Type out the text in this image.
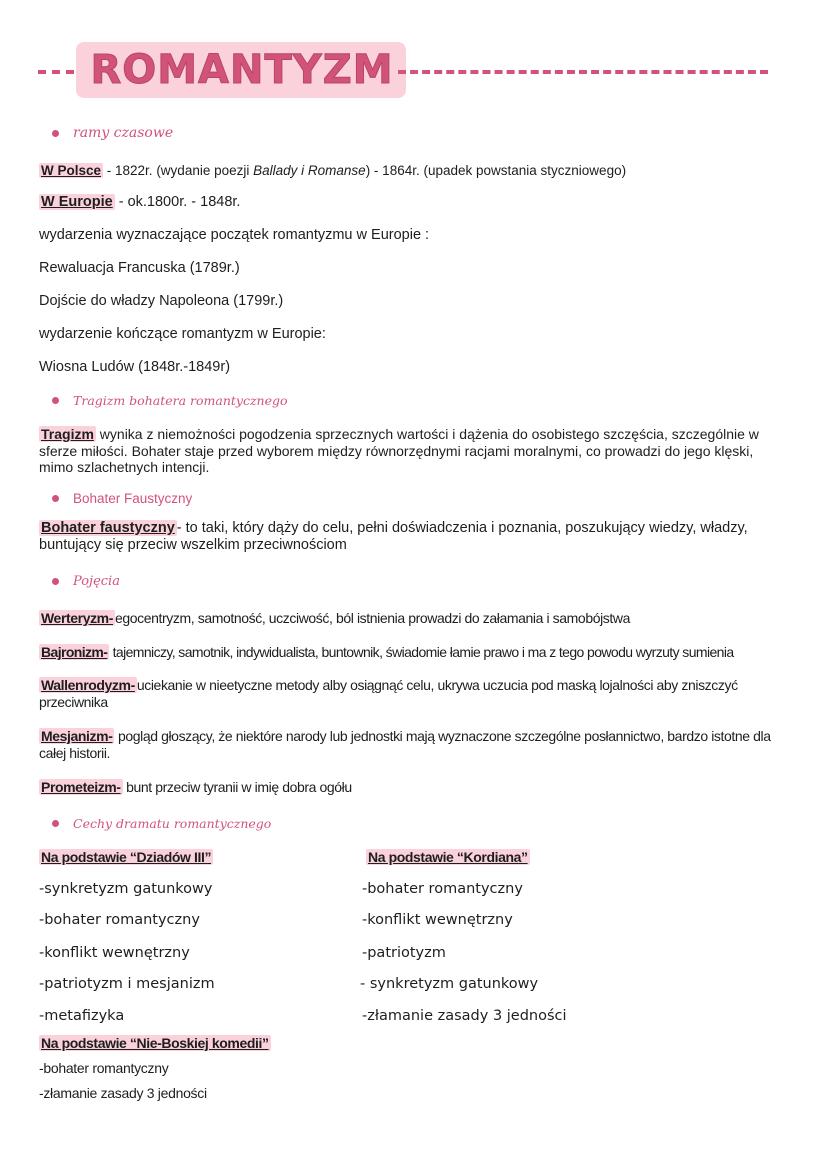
ROMANTYZM
ramy czasowe
W Polsce - 1822r. (wydanie poezji Ballady i Romanse) - 1864r. (upadek powstania styczniowego)
W Europie - ok.1800r. - 1848r.
wydarzenia wyznaczające początek romantyzmu w Europie :
Rewaluacja Francuska (1789r.)
Dojście do władzy Napoleona (1799r.)
wydarzenie kończące romantyzm w Europie:
Wiosna Ludów (1848r.-1849r)
Tragizm bohatera romantycznego
Tragizm wynika z niemożności pogodzenia sprzecznych wartości i dążenia do osobistego szczęścia, szczególnie w sferze miłości. Bohater staje przed wyborem między równorzędnymi racjami moralnymi, co prowadzi do jego klęski, mimo szlachetnych intencji.
Bohater Faustyczny
Bohater faustyczny - to taki, który dąży do celu, pełni doświadczenia i poznania, poszukujący wiedzy, władzy, buntujący się przeciw wszelkim przeciwnościom
Pojęcia
Werteryzm- egocentryzm, samotność, uczciwość, ból istnienia prowadzi do załamania i samobójstwa
Bajronizm- tajemniczy, samotnik, indywidualista, buntownik, świadomie łamie prawo i ma z tego powodu wyrzuty sumienia
Wallenrodyzm- uciekanie w nieetyczne metody alby osiągnąć celu, ukrywa uczucia pod maską lojalności aby zniszczyć przeciwnika
Mesjanizm- pogląd głoszący, że niektóre narody lub jednostki mają wyznaczone szczególne posłannictwo, bardzo istotne dla całej historii.
Prometeizm- bunt przeciw tyranii w imię dobra ogółu
Cechy dramatu romantycznego
Na podstawie “Dziadów III”	Na podstawie “Kordiana”
-synkretyzm gatunkowy
-bohater romantyczny
-konflikt wewnętrzny
-patriotyzm i mesjanizm
-metafizyka
-bohater romantyczny
-konflikt wewnętrzny
-patriotyzm
- synkretyzm gatunkowy
-złamanie zasady 3 jedności
Na podstawie “Nie-Boskiej komedii”
-bohater romantyczny
-złamanie zasady 3 jedności
